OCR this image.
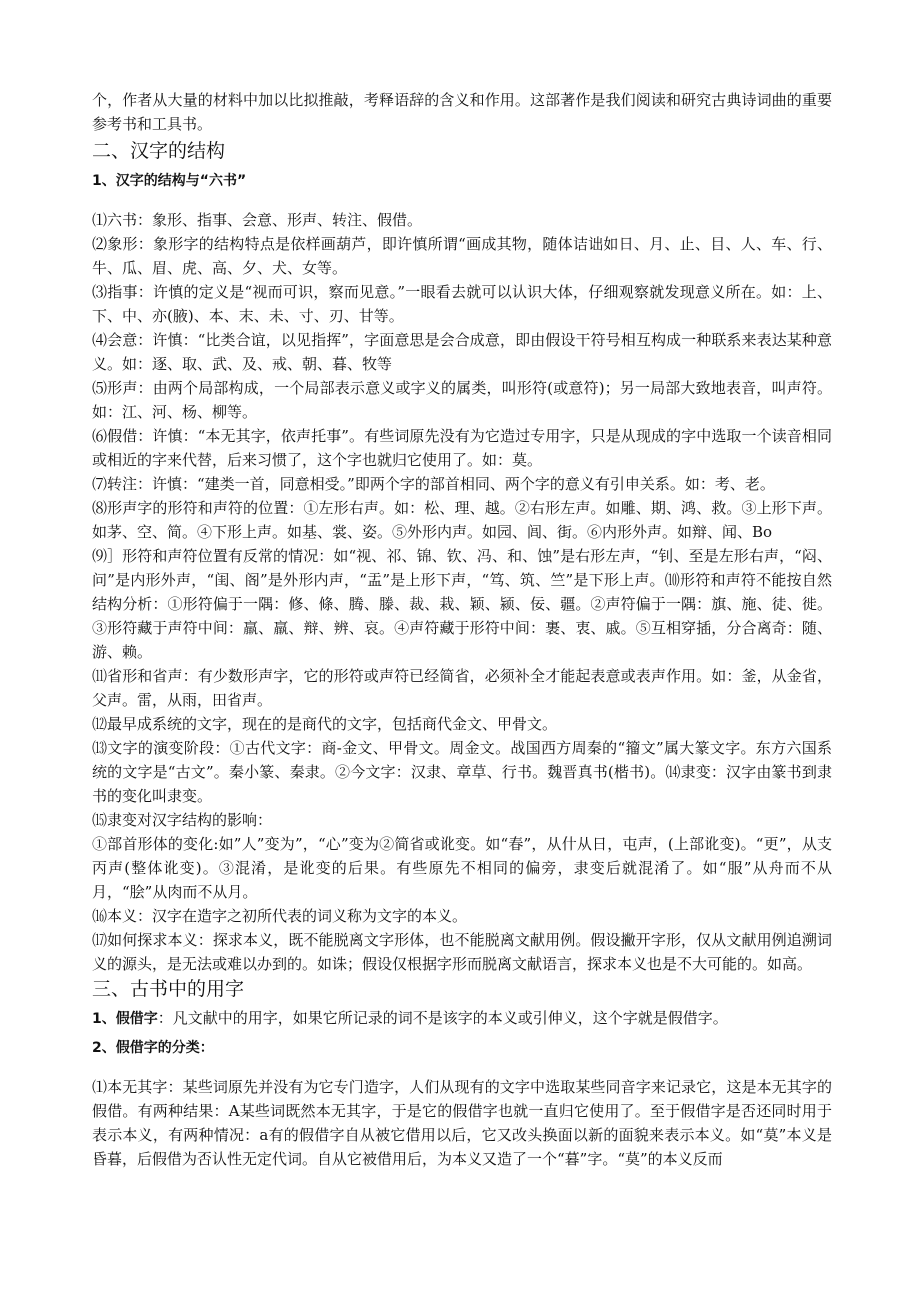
个，作者从大量的材料中加以比拟推敲，考释语辞的含义和作用。这部著作是我们阅读和研究古典诗词曲的重要参考书和工具书。

二、汉字的结构

1、汉字的结构与“六书”

⑴六书：象形、指事、会意、形声、转注、假借。

⑵象形：象形字的结构特点是依样画葫芦，即许慎所谓“画成其物，随体诘诎如日、月、止、目、人、车、行、牛、瓜、眉、虎、高、夕、犬、女等。

⑶指事：许慎的定义是“视而可识，察而见意。”一眼看去就可以认识大体，仔细观察就发现意义所在。如：上、下、中、亦(腋)、本、末、未、寸、刃、甘等。

⑷会意：许慎：“比类合谊，以见指挥”，字面意思是会合成意，即由假设干符号相互构成一种联系来表达某种意义。如：逐、取、武、及、戒、朝、暮、牧等

⑸形声：由两个局部构成，一个局部表示意义或字义的属类，叫形符(或意符)；另一局部大致地表音，叫声符。如：江、河、杨、柳等。

⑹假借：许慎：“本无其字，依声托事”。有些词原先没有为它造过专用字，只是从现成的字中选取一个读音相同或相近的字来代替，后来习惯了，这个字也就归它使用了。如：莫。

⑺转注：许慎：“建类一首，同意相受。”即两个字的部首相同、两个字的意义有引申关系。如：考、老。

⑻形声字的形符和声符的位置：①左形右声。如：松、理、越。②右形左声。如雕、期、鸿、救。③上形下声。如茅、空、简。④下形上声。如基、裳、姿。⑤外形内声。如园、闾、街。⑥内形外声。如辩、闻、Bo

⑼］形符和声符位置有反常的情况：如“视、祁、锦、钦、冯、和、蚀”是右形左声，“钊、至是左形右声，“闷、问”是内形外声，“闺、阁”是外形内声，“盂”是上形下声，“笃、筑、竺”是下形上声。⑽形符和声符不能按自然结构分析：①形符偏于一隅：修、條、腾、滕、裁、栽、颖、颍、佞、疆。②声符偏于一隅：旗、施、徒、徙。③形符藏于声符中间：羸、羸、辩、辨、哀。④声符藏于形符中间：裹、衷、戚。⑤互相穿插，分合离奇：随、游、赖。

⑾省形和省声：有少数形声字，它的形符或声符已经简省，必须补全才能起表意或表声作用。如：釜，从金省，父声。雷，从雨，田省声。

⑿最早成系统的文字，现在的是商代的文字，包括商代金文、甲骨文。

⒀文字的演变阶段：①古代文字：商-金文、甲骨文。周金文。战国西方周秦的“籀文”属大篆文字。东方六国系统的文字是“古文”。秦小篆、秦隶。②今文字：汉隶、章草、行书。魏晋真书(楷书)。⒁隶变：汉字由篆书到隶书的变化叫隶变。

⒂隶变对汉字结构的影响：

①部首形体的变化:如”人”变为”，“心”变为②简省或讹变。如“春”，从什从日，屯声，(上部讹变)。“更”，从支丙声(整体讹变)。③混淆，是讹变的后果。有些原先不相同的偏旁，隶变后就混淆了。如“服”从舟而不从月，“脍”从肉而不从月。

⒃本义：汉字在造字之初所代表的词义称为文字的本义。

⒄如何探求本义：探求本义，既不能脱离文字形体，也不能脱离文献用例。假设撇开字形，仅从文献用例追溯词义的源头，是无法或难以办到的。如诛；假设仅根据字形而脱离文献语言，探求本义也是不大可能的。如高。

三、古书中的用字

1、假借字：凡文献中的用字，如果它所记录的词不是该字的本义或引伸义，这个字就是假借字。

2、假借字的分类：

⑴本无其字：某些词原先并没有为它专门造字，人们从现有的文字中选取某些同音字来记录它，这是本无其字的假借。有两种结果：A某些词既然本无其字，于是它的假借字也就一直归它使用了。至于假借字是否还同时用于表示本义，有两种情况：a有的假借字自从被它借用以后，它又改头换面以新的面貌来表示本义。如“莫”本义是昏暮，后假借为否认性无定代词。自从它被借用后，为本义又造了一个“暮”字。“莫”的本义反而
